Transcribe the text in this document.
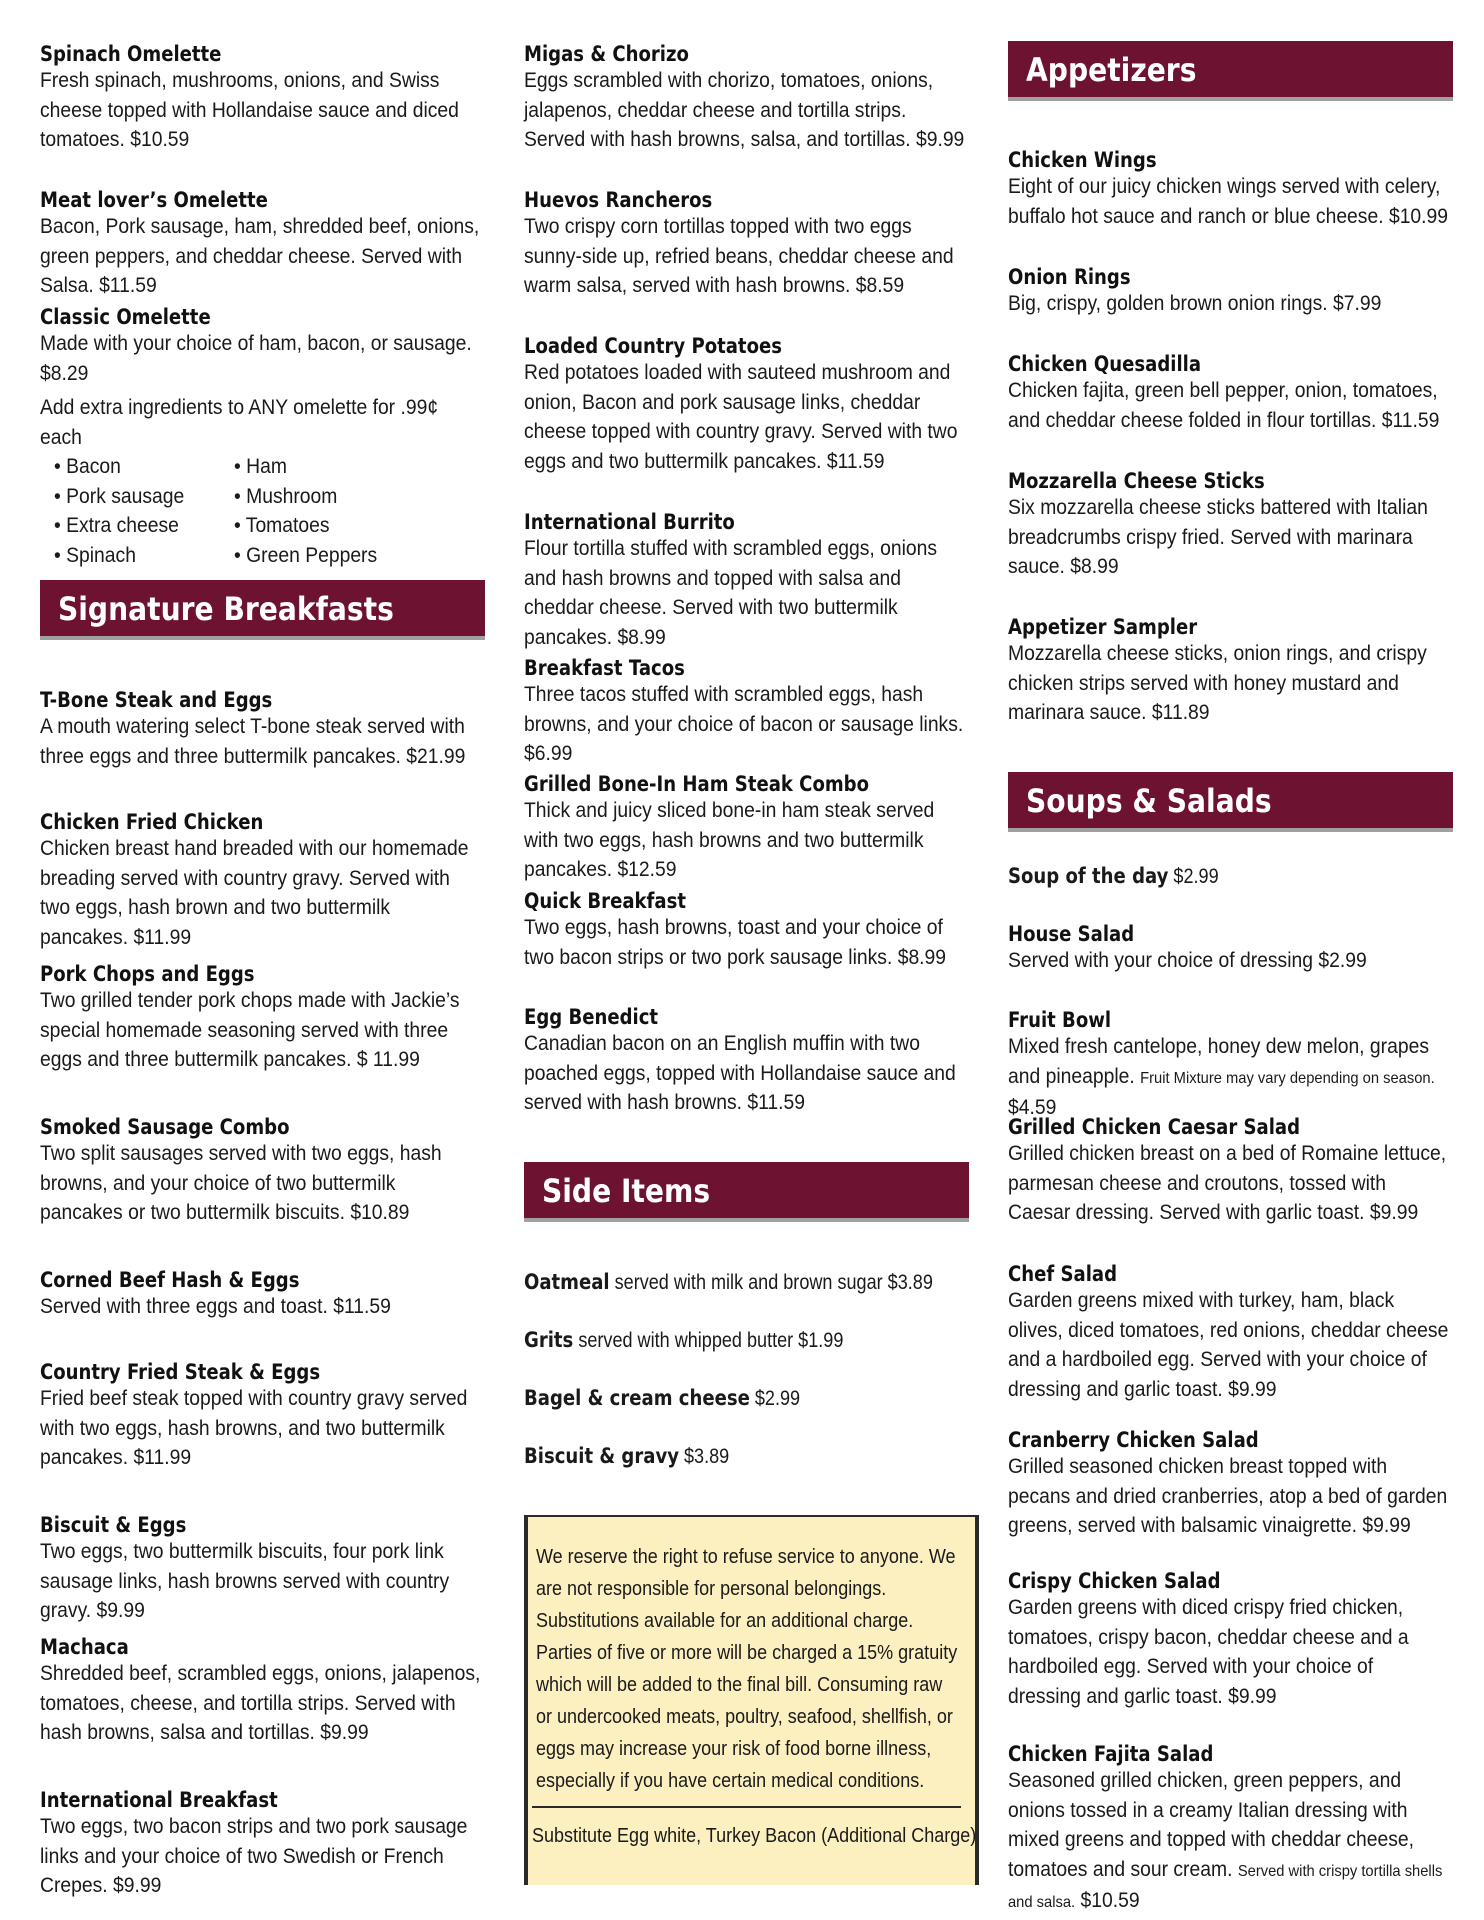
Spinach Omelette
Fresh spinach, mushrooms, onions, and Swiss cheese topped with Hollandaise sauce and diced tomatoes. $10.59
Meat lover’s Omelette
Bacon, Pork sausage, ham, shredded beef, onions, green peppers, and cheddar cheese. Served with Salsa. $11.59
Classic Omelette
Made with your choice of ham, bacon, or sausage. $8.29
Add extra ingredients to ANY omelette for .99¢ each
• Bacon	• Ham
• Pork sausage	• Mushroom
• Extra cheese	• Tomatoes
• Spinach	• Green Peppers
Signature Breakfasts
T-Bone Steak and Eggs
A mouth watering select T-bone steak served with three eggs and three buttermilk pancakes. $21.99
Chicken Fried Chicken
Chicken breast hand breaded with our homemade breading served with country gravy. Served with two eggs, hash brown and two buttermilk pancakes. $11.99
Pork Chops and Eggs
Two grilled tender pork chops made with Jackie’s special homemade seasoning served with three eggs and three buttermilk pancakes. $ 11.99
Smoked Sausage Combo
Two split sausages served with two eggs, hash browns, and your choice of two buttermilk pancakes or two buttermilk biscuits. $10.89
Corned Beef Hash & Eggs
Served with three eggs and toast. $11.59
Country Fried Steak & Eggs
Fried beef steak topped with country gravy served with two eggs, hash browns, and two buttermilk pancakes. $11.99
Biscuit & Eggs
Two eggs, two buttermilk biscuits, four pork link sausage links, hash browns served with country gravy. $9.99
Machaca
Shredded beef, scrambled eggs, onions, jalapenos, tomatoes, cheese, and tortilla strips. Served with hash browns, salsa and tortillas. $9.99
International Breakfast
Two eggs, two bacon strips and two pork sausage links and your choice of two Swedish or French Crepes. $9.99
Migas & Chorizo
Eggs scrambled with chorizo, tomatoes, onions, jalapenos, cheddar cheese and tortilla strips. Served with hash browns, salsa, and tortillas. $9.99
Huevos Rancheros
Two crispy corn tortillas topped with two eggs sunny-side up, refried beans, cheddar cheese and warm salsa, served with hash browns. $8.59
Loaded Country Potatoes
Red potatoes loaded with sauteed mushroom and onion, Bacon and pork sausage links, cheddar cheese topped with country gravy. Served with two eggs and two buttermilk pancakes. $11.59
International Burrito
Flour tortilla stuffed with scrambled eggs, onions and hash browns and topped with salsa and cheddar cheese. Served with two buttermilk pancakes. $8.99
Breakfast Tacos
Three tacos stuffed with scrambled eggs, hash browns, and your choice of bacon or sausage links. $6.99
Grilled Bone-In Ham Steak Combo
Thick and juicy sliced bone-in ham steak served with two eggs, hash browns and two buttermilk pancakes. $12.59
Quick Breakfast
Two eggs, hash browns, toast and your choice of two bacon strips or two pork sausage links. $8.99
Egg Benedict
Canadian bacon on an English muffin with two poached eggs, topped with Hollandaise sauce and served with hash browns. $11.59
Side Items
Oatmeal served with milk and brown sugar $3.89
Grits served with whipped butter $1.99
Bagel & cream cheese $2.99
Biscuit & gravy $3.89
We reserve the right to refuse service to anyone. We are not responsible for personal belongings. Substitutions available for an additional charge. Parties of five or more will be charged a 15% gratuity which will be added to the final bill. Consuming raw or undercooked meats, poultry, seafood, shellfish, or eggs may increase your risk of food borne illness, especially if you have certain medical conditions.
Substitute Egg white, Turkey Bacon (Additional Charge)
Appetizers
Chicken Wings
Eight of our juicy chicken wings served with celery, buffalo hot sauce and ranch or blue cheese. $10.99
Onion Rings
Big, crispy, golden brown onion rings. $7.99
Chicken Quesadilla
Chicken fajita, green bell pepper, onion, tomatoes, and cheddar cheese folded in flour tortillas. $11.59
Mozzarella Cheese Sticks
Six mozzarella cheese sticks battered with Italian breadcrumbs crispy fried. Served with marinara sauce. $8.99
Appetizer Sampler
Mozzarella cheese sticks, onion rings, and crispy chicken strips served with honey mustard and marinara sauce. $11.89
Soups & Salads
Soup of the day $2.99
House Salad
Served with your choice of dressing $2.99
Fruit Bowl
Mixed fresh cantelope, honey dew melon, grapes and pineapple. Fruit Mixture may vary depending on season. $4.59
Grilled Chicken Caesar Salad
Grilled chicken breast on a bed of Romaine lettuce, parmesan cheese and croutons, tossed with Caesar dressing. Served with garlic toast. $9.99
Chef Salad
Garden greens mixed with turkey, ham, black olives, diced tomatoes, red onions, cheddar cheese and a hardboiled egg. Served with your choice of dressing and garlic toast. $9.99
Cranberry Chicken Salad
Grilled seasoned chicken breast topped with pecans and dried cranberries, atop a bed of garden greens, served with balsamic vinaigrette. $9.99
Crispy Chicken Salad
Garden greens with diced crispy fried chicken, tomatoes, crispy bacon, cheddar cheese and a hardboiled egg. Served with your choice of dressing and garlic toast. $9.99
Chicken Fajita Salad
Seasoned grilled chicken, green peppers, and onions tossed in a creamy Italian dressing with mixed greens and topped with cheddar cheese, tomatoes and sour cream. Served with crispy tortilla shells and salsa. $10.59
